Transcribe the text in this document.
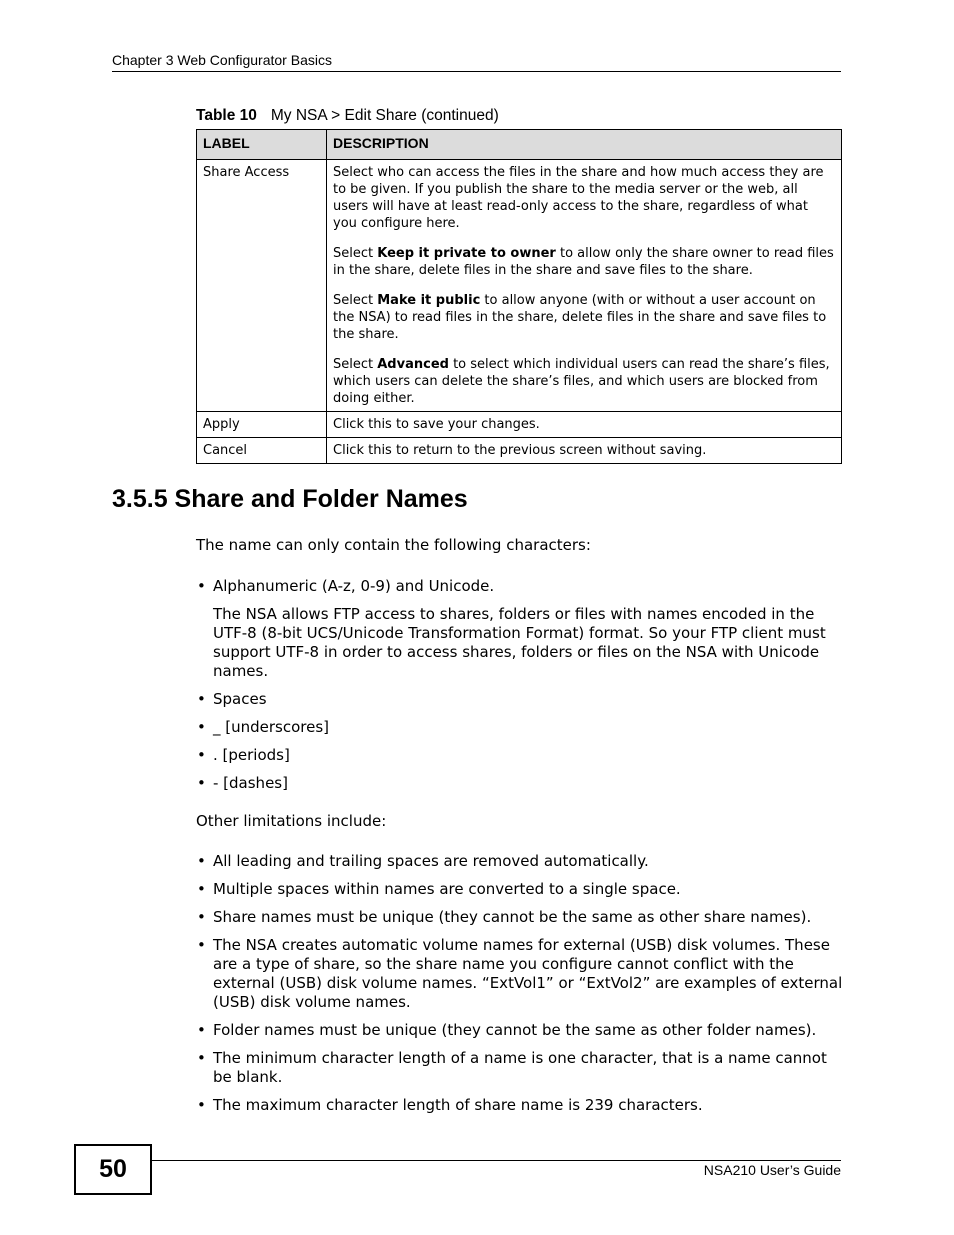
Chapter 3 Web Configurator Basics
Table 10 My NSA > Edit Share (continued)
LABEL	DESCRIPTION
Share Access	Select who can access the files in the share and how much access they are to be given. If you publish the share to the media server or the web, all users will have at least read-only access to the share, regardless of what you configure here.

Select Keep it private to owner to allow only the share owner to read files in the share, delete files in the share and save files to the share.

Select Make it public to allow anyone (with or without a user account on the NSA) to read files in the share, delete files in the share and save files to the share.

Select Advanced to select which individual users can read the share’s files, which users can delete the share’s files, and which users are blocked from doing either.

Apply	Click this to save your changes.
Cancel	Click this to return to the previous screen without saving.
3.5.5 Share and Folder Names

The name can only contain the following characters:

• Alphanumeric (A-z, 0-9) and Unicode.
The NSA allows FTP access to shares, folders or files with names encoded in the UTF-8 (8-bit UCS/Unicode Transformation Format) format. So your FTP client must support UTF-8 in order to access shares, folders or files on the NSA with Unicode names.
• Spaces
• _ [underscores]
• . [periods]
• - [dashes]

Other limitations include:

• All leading and trailing spaces are removed automatically.
• Multiple spaces within names are converted to a single space.
• Share names must be unique (they cannot be the same as other share names).
• The NSA creates automatic volume names for external (USB) disk volumes. These are a type of share, so the share name you configure cannot conflict with the external (USB) disk volume names. “ExtVol1” or “ExtVol2” are examples of external (USB) disk volume names.
• Folder names must be unique (they cannot be the same as other folder names).
• The minimum character length of a name is one character, that is a name cannot be blank.
• The maximum character length of share name is 239 characters.
50	NSA210 User’s Guide
